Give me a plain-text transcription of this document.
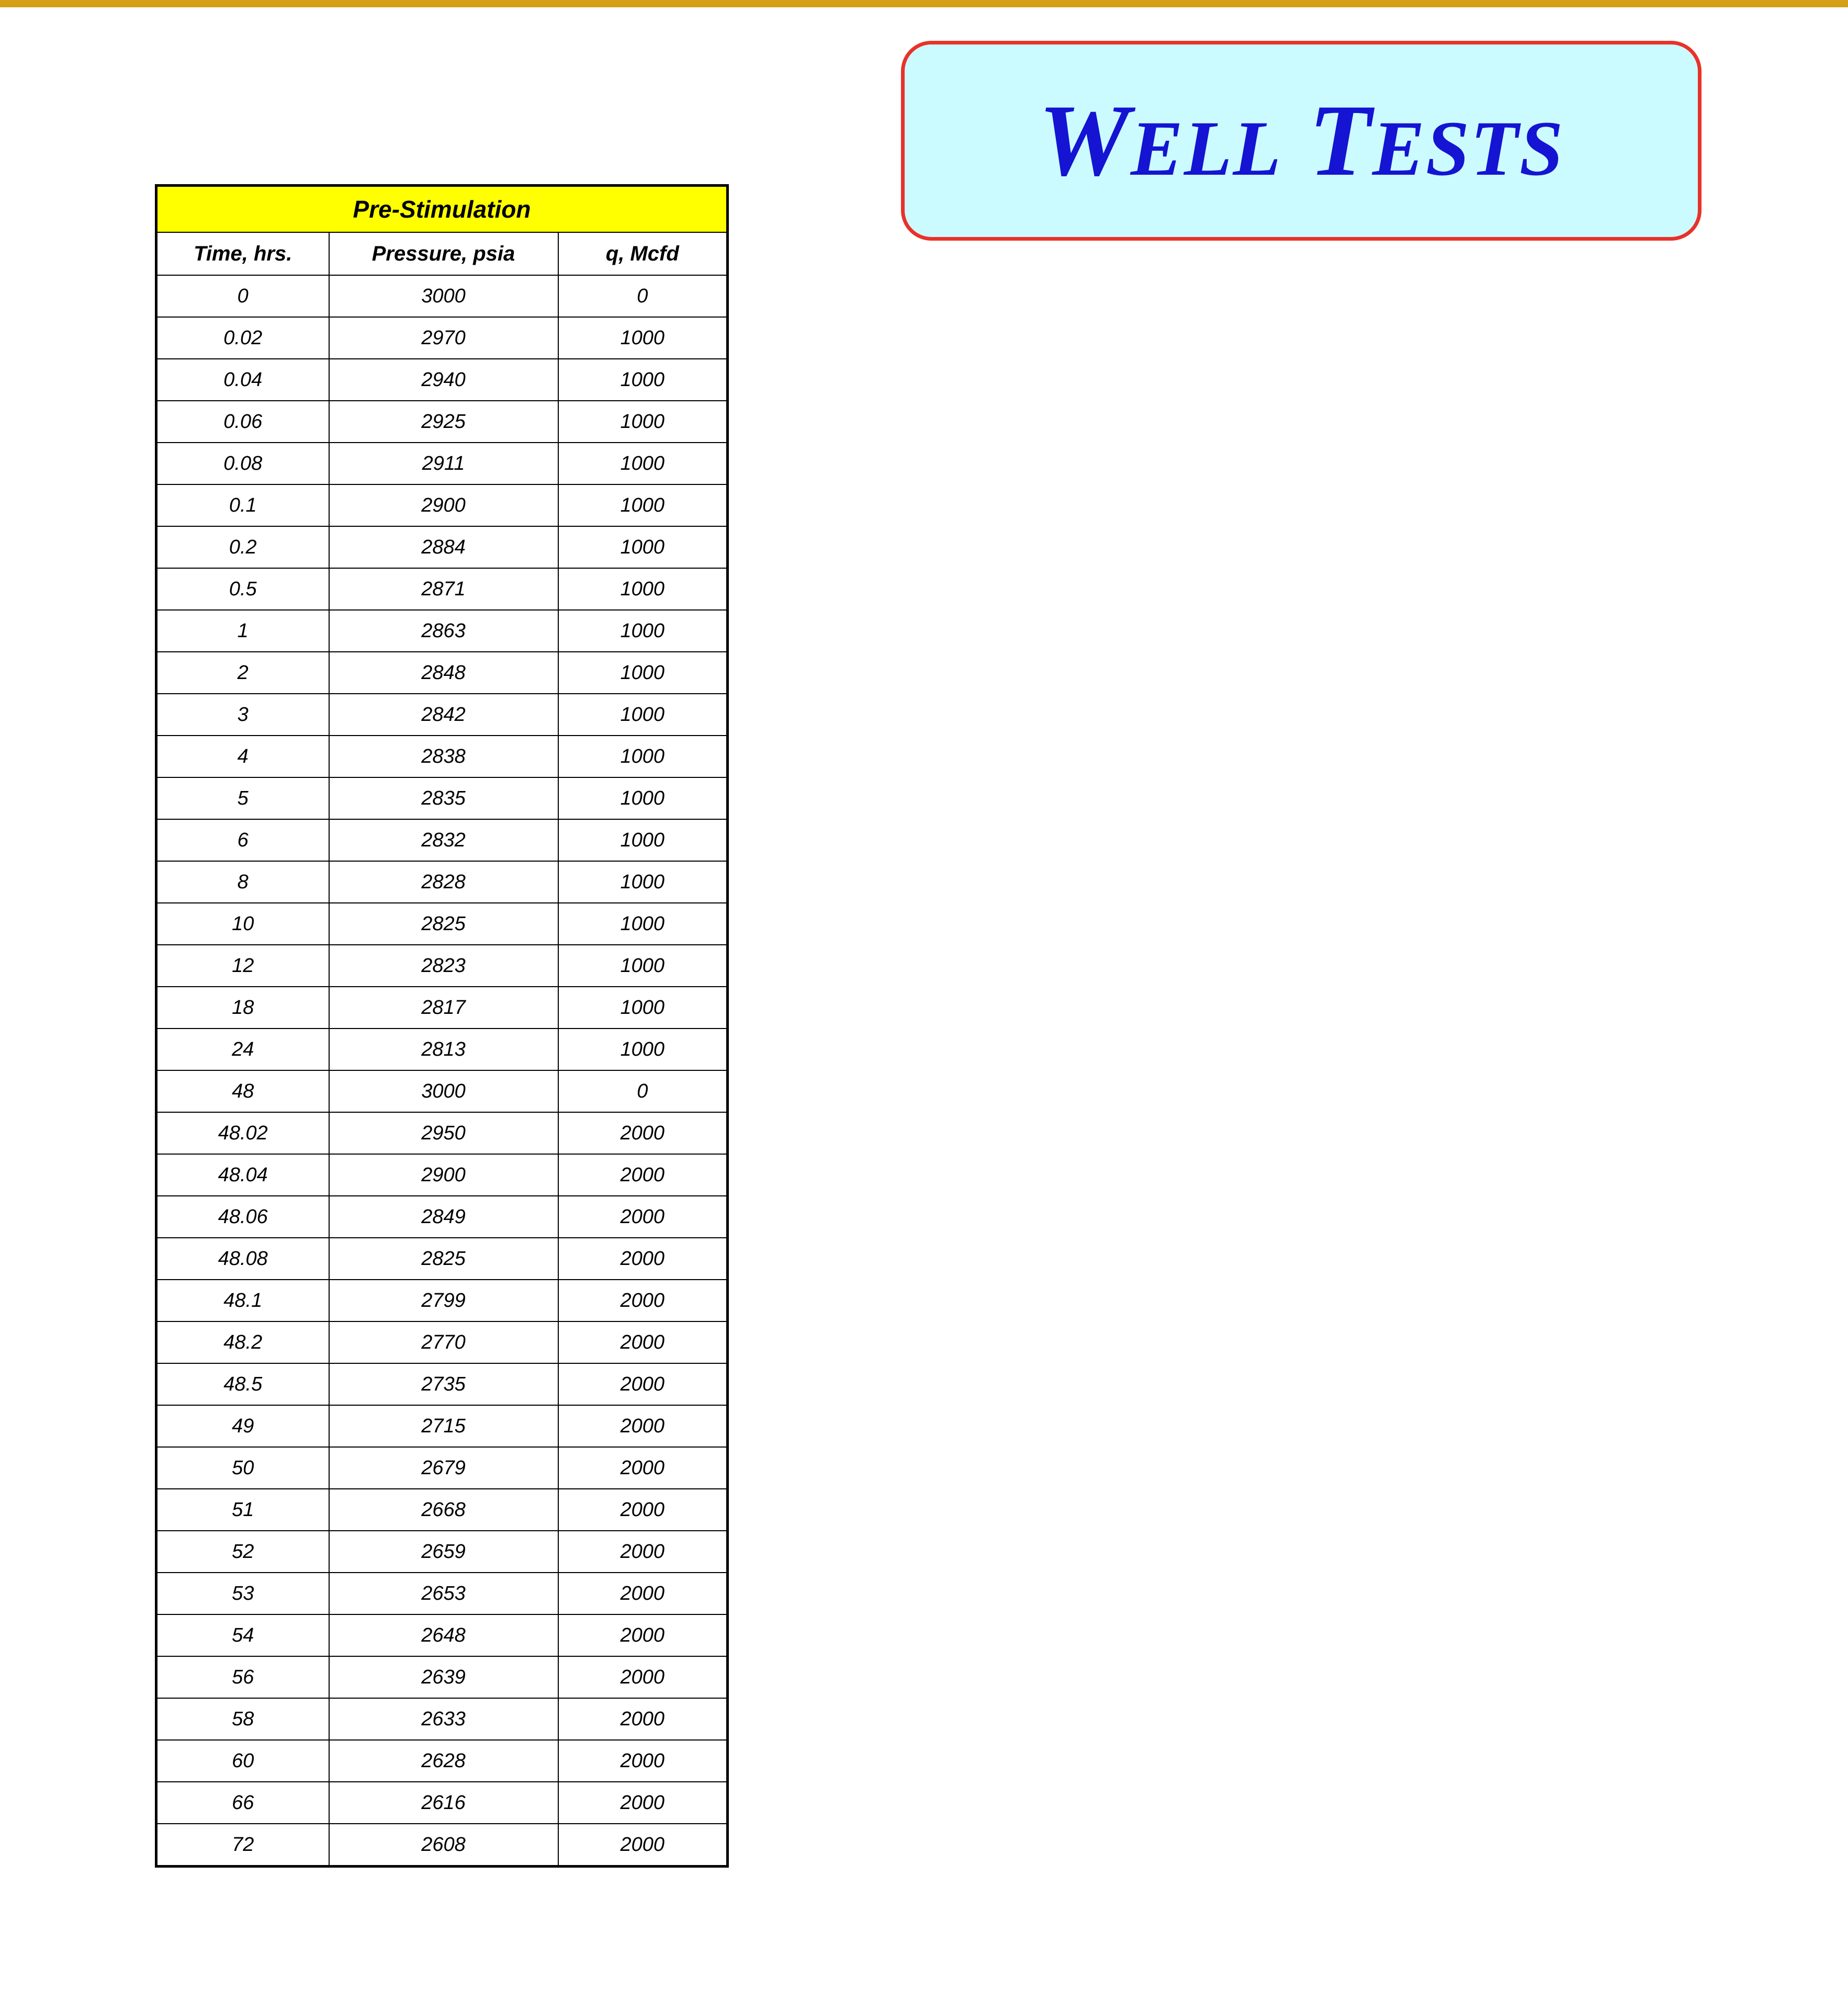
WELL TESTS
Pre-Stimulation		
Time, hrs.	Pressure, psia	q, Mcfd
0	3000	0
0.02	2970	1000
0.04	2940	1000
0.06	2925	1000
0.08	2911	1000
0.1	2900	1000
0.2	2884	1000
0.5	2871	1000
1	2863	1000
2	2848	1000
3	2842	1000
4	2838	1000
5	2835	1000
6	2832	1000
8	2828	1000
10	2825	1000
12	2823	1000
18	2817	1000
24	2813	1000
48	3000	0
48.02	2950	2000
48.04	2900	2000
48.06	2849	2000
48.08	2825	2000
48.1	2799	2000
48.2	2770	2000
48.5	2735	2000
49	2715	2000
50	2679	2000
51	2668	2000
52	2659	2000
53	2653	2000
54	2648	2000
56	2639	2000
58	2633	2000
60	2628	2000
66	2616	2000
72	2608	2000
